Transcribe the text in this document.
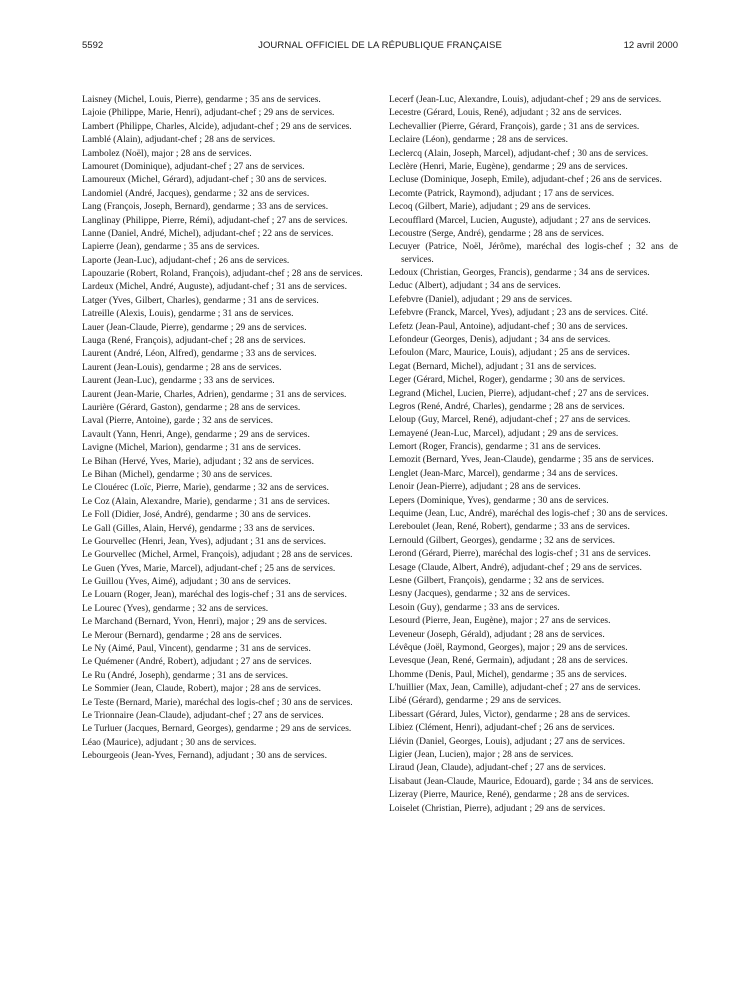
5592	JOURNAL OFFICIEL DE LA RÉPUBLIQUE FRANÇAISE	12 avril 2000

Laisney (Michel, Louis, Pierre), gendarme ; 35 ans de services.

Lajoie (Philippe, Marie, Henri), adjudant-chef ; 29 ans de services.

Lambert (Philippe, Charles, Alcide), adjudant-chef ; 29 ans de services.

Lamblé (Alain), adjudant-chef ; 28 ans de services.

Lambolez (Noël), major ; 28 ans de services.

Lamouret (Dominique), adjudant-chef ; 27 ans de services.

Lamoureux (Michel, Gérard), adjudant-chef ; 30 ans de services.

Landomiel (André, Jacques), gendarme ; 32 ans de services.

Lang (François, Joseph, Bernard), gendarme ; 33 ans de services.

Langlinay (Philippe, Pierre, Rémi), adjudant-chef ; 27 ans de services.

Lanne (Daniel, André, Michel), adjudant-chef ; 22 ans de services.

Lapierre (Jean), gendarme ; 35 ans de services.

Laporte (Jean-Luc), adjudant-chef ; 26 ans de services.

Lapouzarie (Robert, Roland, François), adjudant-chef ; 28 ans de services.

Lardeux (Michel, André, Auguste), adjudant-chef ; 31 ans de services.

Latger (Yves, Gilbert, Charles), gendarme ; 31 ans de services.

Latreille (Alexis, Louis), gendarme ; 31 ans de services.

Lauer (Jean-Claude, Pierre), gendarme ; 29 ans de services.

Lauga (René, François), adjudant-chef ; 28 ans de services.

Laurent (André, Léon, Alfred), gendarme ; 33 ans de services.

Laurent (Jean-Louis), gendarme ; 28 ans de services.

Laurent (Jean-Luc), gendarme ; 33 ans de services.

Laurent (Jean-Marie, Charles, Adrien), gendarme ; 31 ans de services.

Laurière (Gérard, Gaston), gendarme ; 28 ans de services.

Laval (Pierre, Antoine), garde ; 32 ans de services.

Lavault (Yann, Henri, Ange), gendarme ; 29 ans de services.

Lavigne (Michel, Marion), gendarme ; 31 ans de services.

Le Bihan (Hervé, Yves, Marie), adjudant ; 32 ans de services.

Le Bihan (Michel), gendarme ; 30 ans de services.

Le Clouérec (Loïc, Pierre, Marie), gendarme ; 32 ans de services.

Le Coz (Alain, Alexandre, Marie), gendarme ; 31 ans de services.

Le Foll (Didier, José, André), gendarme ; 30 ans de services.

Le Gall (Gilles, Alain, Hervé), gendarme ; 33 ans de services.

Le Gourvellec (Henri, Jean, Yves), adjudant ; 31 ans de services.

Le Gourvellec (Michel, Armel, François), adjudant ; 28 ans de services.

Le Guen (Yves, Marie, Marcel), adjudant-chef ; 25 ans de services.

Le Guillou (Yves, Aimé), adjudant ; 30 ans de services.

Le Louarn (Roger, Jean), maréchal des logis-chef ; 31 ans de services.

Le Lourec (Yves), gendarme ; 32 ans de services.

Le Marchand (Bernard, Yvon, Henri), major ; 29 ans de services.

Le Merour (Bernard), gendarme ; 28 ans de services.

Le Ny (Aimé, Paul, Vincent), gendarme ; 31 ans de services.

Le Quémener (André, Robert), adjudant ; 27 ans de services.

Le Ru (André, Joseph), gendarme ; 31 ans de services.

Le Sommier (Jean, Claude, Robert), major ; 28 ans de services.

Le Teste (Bernard, Marie), maréchal des logis-chef ; 30 ans de services.

Le Trionnaire (Jean-Claude), adjudant-chef ; 27 ans de services.

Le Turluer (Jacques, Bernard, Georges), gendarme ; 29 ans de services.

Léao (Maurice), adjudant ; 30 ans de services.

Lebourgeois (Jean-Yves, Fernand), adjudant ; 30 ans de services.

Lecerf (Jean-Luc, Alexandre, Louis), adjudant-chef ; 29 ans de services.

Lecestre (Gérard, Louis, René), adjudant ; 32 ans de services.

Lechevallier (Pierre, Gérard, François), garde ; 31 ans de services.

Leclaire (Léon), gendarme ; 28 ans de services.

Leclercq (Alain, Joseph, Marcel), adjudant-chef ; 30 ans de services.

Leclère (Henri, Marie, Eugène), gendarme ; 29 ans de services.

Lecluse (Dominique, Joseph, Emile), adjudant-chef ; 26 ans de services.

Lecomte (Patrick, Raymond), adjudant ; 17 ans de services.

Lecoq (Gilbert, Marie), adjudant ; 29 ans de services.

Lecoufflard (Marcel, Lucien, Auguste), adjudant ; 27 ans de services.

Lecoustre (Serge, André), gendarme ; 28 ans de services.

Lecuyer (Patrice, Noël, Jérôme), maréchal des logis-chef ; 32 ans de services.

Ledoux (Christian, Georges, Francis), gendarme ; 34 ans de services.

Leduc (Albert), adjudant ; 34 ans de services.

Lefebvre (Daniel), adjudant ; 29 ans de services.

Lefebvre (Franck, Marcel, Yves), adjudant ; 23 ans de services. Cité.

Lefetz (Jean-Paul, Antoine), adjudant-chef ; 30 ans de services.

Lefondeur (Georges, Denis), adjudant ; 34 ans de services.

Lefoulon (Marc, Maurice, Louis), adjudant ; 25 ans de services.

Legat (Bernard, Michel), adjudant ; 31 ans de services.

Leger (Gérard, Michel, Roger), gendarme ; 30 ans de services.

Legrand (Michel, Lucien, Pierre), adjudant-chef ; 27 ans de services.

Legros (René, André, Charles), gendarme ; 28 ans de services.

Leloup (Guy, Marcel, René), adjudant-chef ; 27 ans de services.

Lemayené (Jean-Luc, Marcel), adjudant ; 29 ans de services.

Lemort (Roger, Francis), gendarme ; 31 ans de services.

Lemozit (Bernard, Yves, Jean-Claude), gendarme ; 35 ans de services.

Lenglet (Jean-Marc, Marcel), gendarme ; 34 ans de services.

Lenoir (Jean-Pierre), adjudant ; 28 ans de services.

Lepers (Dominique, Yves), gendarme ; 30 ans de services.

Lequime (Jean, Luc, André), maréchal des logis-chef ; 30 ans de services.

Lereboulet (Jean, René, Robert), gendarme ; 33 ans de services.

Lernould (Gilbert, Georges), gendarme ; 32 ans de services.

Lerond (Gérard, Pierre), maréchal des logis-chef ; 31 ans de services.

Lesage (Claude, Albert, André), adjudant-chef ; 29 ans de services.

Lesne (Gilbert, François), gendarme ; 32 ans de services.

Lesny (Jacques), gendarme ; 32 ans de services.

Lesoin (Guy), gendarme ; 33 ans de services.

Lesourd (Pierre, Jean, Eugène), major ; 27 ans de services.

Leveneur (Joseph, Gérald), adjudant ; 28 ans de services.

Lévêque (Joël, Raymond, Georges), major ; 29 ans de services.

Levesque (Jean, René, Germain), adjudant ; 28 ans de services.

Lhomme (Denis, Paul, Michel), gendarme ; 35 ans de services.

L'huillier (Max, Jean, Camille), adjudant-chef ; 27 ans de services.

Libé (Gérard), gendarme ; 29 ans de services.

Libessart (Gérard, Jules, Victor), gendarme ; 28 ans de services.

Libiez (Clément, Henri), adjudant-chef ; 26 ans de services.

Liévin (Daniel, Georges, Louis), adjudant ; 27 ans de services.

Ligier (Jean, Lucien), major ; 28 ans de services.

Liraud (Jean, Claude), adjudant-chef ; 27 ans de services.

Lisabaut (Jean-Claude, Maurice, Edouard), garde ; 34 ans de services.

Lizeray (Pierre, Maurice, René), gendarme ; 28 ans de services.

Loiselet (Christian, Pierre), adjudant ; 29 ans de services.
